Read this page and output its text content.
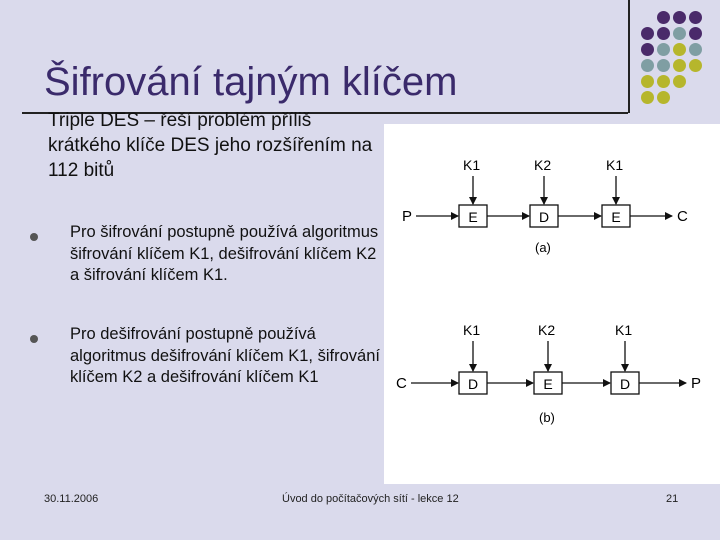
Šifrování tajným klíčem
Triple DES – řeší problém příliš krátkého klíče DES jeho rozšířením na 112 bitů
Pro šifrování postupně používá algoritmus šifrování klíčem K1, dešifrování klíčem K2 a šifrování klíčem K1.
Pro dešifrování postupně používá algoritmus dešifrování klíčem K1, šifrování klíčem K2 a dešifrování klíčem K1
P	E	D	E	C
K1	K2	K1
(a)
C	D	E	D	P
K1	K2	K1
(b)
30.11.2006	Úvod do počítačových sítí - lekce 12	21
